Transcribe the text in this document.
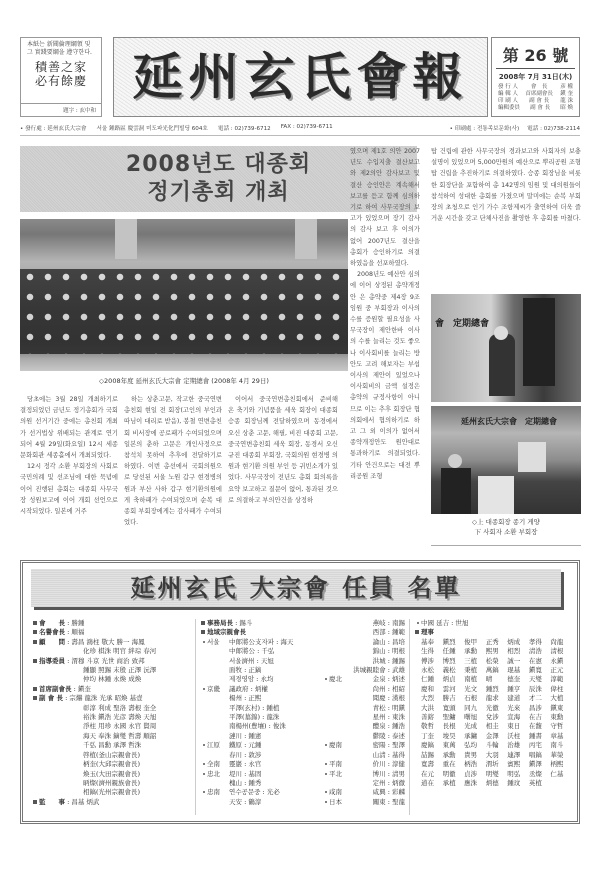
本紙는 新聞倫理綱領 및 그 實踐要綱을 遵守한다.
積善之家
必有餘慶
題字 : 玄中和
延州玄氏會報	第 26 號
2008年 7月 31日(木)
發 行 人 會　長 彦 權
編 輯 人 首席副會長 鎭 奎
印 刷 人 副 會 長 龍 洙
編輯委員 副 會 長 昭 煥
• 發行處 : 延州玄氏大宗會 서울 鍾路區 慶雲洞 미도파光化門빌딩 604호 電話 : 02)739-6712 FAX : 02)739-6711	• 印刷處 : 전통족보문화(사) 電話 : 02)738-2114
2008년도 대종회
정기총회 개최
◇2008年度 延州玄氏大宗會 定期總會 (2008年 4月 29日)

당초에는 3월 28일 개최하기로 결정되었던 금년도 정기총회가 국회의원 선거기간 중에는 총친회 개최가 선거법상 위배되는 관계로 연기되어 4월 29일(화요일) 12시 세종문화회관 세종홀에서 개최되었다.

12시 정각 소환 부회장의 사회로 국민의례 및 선조님에 대한 묵념에 이어 진행된 총회는 대종회 사무국장 성원보고에 이어 개회 선언으로 시작되었다. 일본에 거주

하는 상춘고문, 작고한 중국연변총친회 현일 전 회장(고인의 부인과 따님이 대리로 받음), 봉철 연변총친회 비서장에 공로패가 수여되었으며 일본의 춘하 고문은 개인사정으로 참석치 못하여 추후에 전달하기로 하였다. 이번 총선에서 국회의원으로 당선된 서울 노원 갑구 현경병의원과 부산 사하 갑구 현기환의원에게 축하패가 수여되었으며 순복 대종회 부회장에게는 감사패가 수여되었다.

이어서 중국연변총친회에서 준비해 온 축기와 기념품을 세욱 회장이 대종회 승종 회장님께 전달하였으며 동경에서 오신 상춘 고문, 해필, 비진 대종회 고문, 중국연변총친회 세욱 회장, 동경서 오신 규진 대종회 부회장, 국회의원 현경병 의원과 현기환 의원 부인 등 귀빈소개가 있었다. 사무국장이 전년도 총회 회의록을 요약 보고하고 질문이 없어, 통과된 것으로 의결하고 부의안건을 상정하

였으며 제1호 의안 2007년도 수입지출 결산보고와 제2의안 감사보고 및 결산 승인안은 계속해서 보고를 듣고 함께 심의하기로 하여 사무국장의 보고가 있었으며 장기 감사의 감사 보고 후 이의가 없어 2007년도 결산을 총회가 승인하기로 의결 하였음을 선포하였다.

2008년도 예산안 심의에 이어 상정된 총약개정안 은 총약중 제4장 9조 임원 중 부회장과 이사의 수를 증원할 필요성을 사무국장이 제안한바 이사의 수를 늘리는 것도 좋으나 이사회비를 늘리는 방안도 고려 해보자는 부섭 이사의 제안이 있었으나 이사회비의 금액 설정은 총약의 규정사항이 아니므로 이는 추후 회장단 협의회에서 협의하기로 하고 그 외 이의가 없어서 종약개정안도 원안대로 통과하기로 의결되었다. 기타 안건으로는 대전 뿌리공원 조형

탑 건립에 관한 사무국장의 경과보고와 사회자의 보충설명이 있었으며 5,000만원의 예산으로 뿌리공원 조형탑 건립을 추진하기로 의결하였다. 승종 회장님을 비롯한 회장단을 포함하여 총 142명의 임원 및 대의원들이 참석하여 성대한 총회를 가졌으며 말미에는 순복 부회장의 초청으로 인기 가수 조항제씨가 출연하여 더욱 즐거운 시간을 갖고 단체사진을 촬영한 후 총회를 마쳤다.

會　定期總會
延州玄氏大宗會　定期總會
◇上 대종회장 종기 게양
下 사회자 소환 부회장
延州玄氏 大宗會 任員 名單
會　　長 : 勝鍾
名譽會長 : 順福
顧　　問 : 壽昌 鴻柱 敬大 勝一 海鳳
化珍 棋洙 明官 絆琮 春河
指導委員 : 渭穆 斗京 光世 商治 致邦
鍾顯 照錫 末殷 正澤 沅澤
仲均 林鍾 永煥 成煥
首席副會長 : 鎭奎
副 會 長 : 宗爀 龍洙 光承 昭煥 基壹
彰淳 利成 聖洛 壽根 奎全
裕洙 鎭浩 光彦 壽煥 天旭
淨柱 用珍 永國 永官 賢周
海天 奉洙 鏑燮 哲壽 順韶
千弘 昌勳 承澤 哲洙
啓植(釜山宗親會長)
柄奎(大邱宗親會長)
煥玉(大田宗親會長)
昞燦(濟州親族會長)
相鎬(光州宗親會長)
監　　事 : 昌基 炳武
事務局長 : 錫斗
地域宗親會長
서울	中郞將公支자파 : 海天
中郞將公 : 千弘
서울濟州 : 天旭
面牧 : 正鎬
제경영암 : 永均
京畿	議政府 : 炳權
楊州 : 正熙
平澤(玄村) : 鍾植
平澤(墓錦) : 龍洙
南楊州(豊壤) : 俊洙
漣川 : 鍾憲
江原	鐵原 : 元鍾
春川 : 敦涉
全南	靈巖 : 永官
忠北	堤川 : 基固
槐山 : 鍾秀
忠南	연수공문중 : 光必
天安 : 鶴淳
燕岐 : 南錫
西部 : 鍾範
論山 : 昌培
錦山 : 明根
洪城 : 鍾錫
洪城親睦會 : 武雄
慶北	金泉 : 炳述
尙州 : 相紹
聞慶 : 漢根
青松 : 明鎭
星州 : 東洙
醴泉 : 鍾浩
鬱陵 : 泰述
慶南	密陽 : 聖澤
山淸 : 基得
平南	价川 : 淳健
平北	博川 : 淸男
定州 : 炳徹
咸南	咸興 : 彩麟
日本	關東 : 聖龍
中國 延吉 : 世旭
理事
基奉	鎭烈	俊甲	正秀	炳成	孝得	尙龍
生得	任鍾	承勳	熙男	相烈	淸浩	淸根
傅涉	博烈	三植	松榮	誠一	在憲	永鎭
永松	義松	秉植	萬鎬	琨基	鎭寬	正元
仁鍾	炳貞	南植	晴	德奎	天燮	淳範
慶和	雲河	光文	鍾烈	鍾亨	辰洙	偉柱
大烈	勝吉	石根	龍求	建道	才二	大植
大洪	寬頭	同九	光徹	光來	昌涉	鎭東
善鎔	聖鏞	曙旭	兌涉	宣海	在吉	東勳
敬哲	長根	光成	相圭	東日	在馥	守哲
丁奎	埈昊	承鏞	金澤	沃柱	鍾書	章基
慶鎬	東萬	弘均	斗輪	治雄	丙宅	南斗
喆錫	承勳	貴男	大羽	連澤	唱鎬	華榮
寬壽	重在	柄浩	渭圻	賓熙	鎭澤	柄熙
在元	明徹	貞涉	明燮	明弘	丞燦	仁基
道在	承植	應洙	炳德	鍾玟	英植
